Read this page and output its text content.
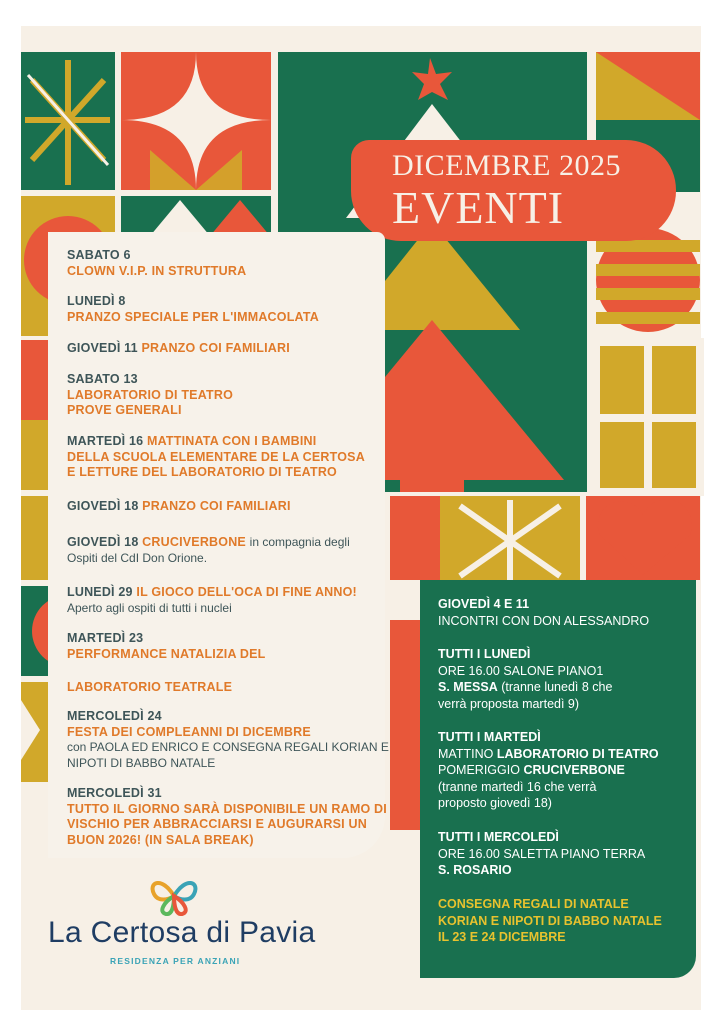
DICEMBRE 2025
EVENTI
SABATO 6
CLOWN V.I.P. IN STRUTTURA
LUNEDÌ 8
PRANZO SPECIALE PER L'IMMACOLATA
GIOVEDÌ 11 PRANZO COI FAMILIARI
SABATO 13
LABORATORIO DI TEATRO
PROVE GENERALI
MARTEDÌ 16 MATTINATA CON I BAMBINI
DELLA SCUOLA ELEMENTARE DE LA CERTOSA
E LETTURE DEL LABORATORIO DI TEATRO
GIOVEDÌ 18 PRANZO COI FAMILIARI
GIOVEDÌ 18 CRUCIVERBONE in compagnia degli
Ospiti del CdI Don Orione.
LUNEDÌ 29 IL GIOCO DELL'OCA DI FINE ANNO!
Aperto agli ospiti di tutti i nuclei
MARTEDÌ 23
PERFORMANCE NATALIZIA DEL
LABORATORIO TEATRALE
MERCOLEDÌ 24
FESTA DEI COMPLEANNI DI DICEMBRE
con PAOLA ED ENRICO E CONSEGNA REGALI KORIAN E
NIPOTI DI BABBO NATALE
MERCOLEDÌ 31
TUTTO IL GIORNO SARÀ DISPONIBILE UN RAMO DI
VISCHIO PER ABBRACCIARSI E AUGURARSI UN
BUON 2026! (IN SALA BREAK)
GIOVEDÌ 4 E 11
INCONTRI CON DON ALESSANDRO
TUTTI I LUNEDÌ
ORE 16.00 SALONE PIANO1
S. MESSA (tranne lunedì 8 che
verrà proposta martedì 9)
TUTTI I MARTEDÌ
MATTINO LABORATORIO DI TEATRO
POMERIGGIO CRUCIVERBONE
(tranne martedì 16 che verrà
proposto giovedì 18)
TUTTI I MERCOLEDÌ
ORE 16.00 SALETTA PIANO TERRA
S. ROSARIO
CONSEGNA REGALI DI NATALE
KORIAN E NIPOTI DI BABBO NATALE
IL 23 E 24 DICEMBRE
La Certosa di Pavia
RESIDENZA PER ANZIANI
